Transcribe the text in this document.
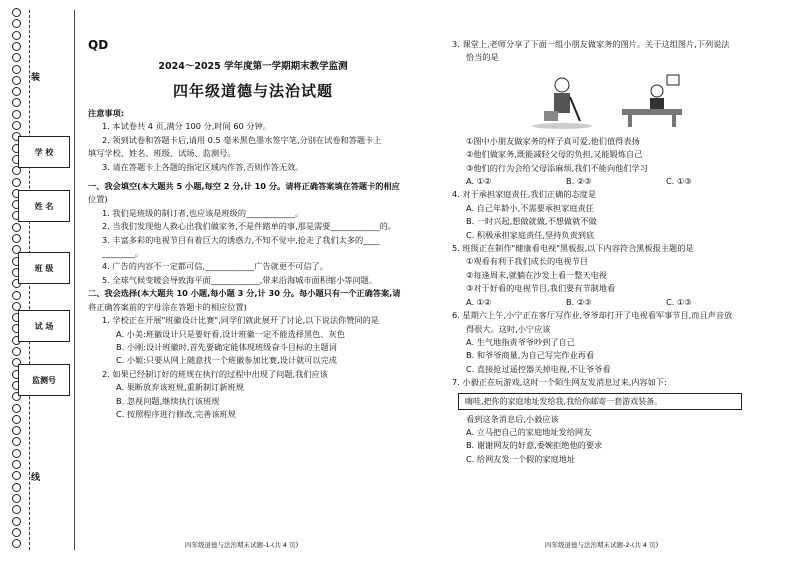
装
线
学 校
姓 名
班 级
试 场
监测号
QD
2024～2025 学年度第一学期期末教学监测
四年级道德与法治试题
注意事项:
1. 本试卷共 4 页,满分 100 分,时间 60 分钟。
2. 领到试卷和答题卡后,请用 0.5 毫米黑色墨水签字笔,分别在试卷和答题卡上
填写学校、姓名、班级、试场、监测号。
3. 请在答题卡上各题的指定区域内作答,否则作答无效。
一、我会填空(本大题共 5 小题,每空 2 分,计 10 分。请将正确答案填在答题卡的相应
位置)
1. 我们是班级的制订者,也应该是班级的____________。
2. 当我们发现他人救心出我们做家务,不是件踏单的事,那是需要____________的。
3. 丰富多彩的电视节目有着巨大的诱惑力,不知不觉中,抢走了我们太多的____
________。
4. 广告的内容不一定都可信,____________广告就更不可信了。
5. 全球气候变暖会导致海平面____________,带来沿海城市面积缩小等问题。
二、我会选择(本大题共 10 小题,每小题 3 分,计 30 分。每小题只有一个正确答案,请
将正确答案前的字母涂在答题卡的相应位置)
1. 学校正在开展"班徽设计比赛",同学们就此展开了讨论,以下说法你赞同的是
A. 小美:班徽设计只是要好看,设计班徽一定不能选择黑色、灰色
B. 小刚:设计班徽时,首先要确定能体现班级奋斗目标的主题词
C. 小姬:只要从网上随意找一个班徽参加比赛,设计就可以完成
2. 如果已经制订好的班规在执行的过程中出现了问题,我们应该
A. 果断放弃该班规,重新制订新班规
B. 忽视问题,继续执行该班规
C. 按照程序进行修改,完善该班规
四年级道德与法治期末试题-1-(共 4 页)
3. 课堂上,老师分享了下面一组小朋友做家务的图片。关于这组图片,下列说法
恰当的是
①图中小朋友做家务的样子真可爱,他们值得表扬
②他们做家务,既能减轻父母的负担,又能锻炼自己
③他们的行为会给父母添麻烦,我们不能向他们学习
A. ①②	B. ②③	C. ①③
4. 对于承担家庭责任,我们正确的态度是
A. 自己年龄小,不需要承担家庭责任
B. 一时兴起,想做就做,不想做就不做
C. 积极承担家庭责任,坚持负责到底
5. 班级正在制作"健康看电视"黑板报,以下内容符合黑板报主题的是
①观看有利于我们成长的电视节目
②每逢周末,就躺在沙发上看一整天电视
③对于好看的电视节目,我们要有节制地看
A. ①②	B. ②③	C. ①③
6. 星期六上午,小宁正在客厅写作业,爷爷却打开了电视看军事节目,而且声音放
得很大。这时,小宁应该
A. 生气地指责爷爷吵到了自己
B. 和爷爷商量,为自己写完作业再看
C. 直接抢过遥控器关掉电视,不让爷爷看
7. 小毅正在玩游戏,这时一个陌生网友发消息过来,内容如下:
嗨哇,把你的家庭地址发给我,我给你邮寄一套游戏装备。
看到这条消息后,小毅应该
A. 立马把自己的家庭地址发给网友
B. 谢谢网友的好意,委婉拒绝他的要求
C. 给网友发一个假的家庭地址
四年级道德与法治期末试题-2-(共 4 页)
